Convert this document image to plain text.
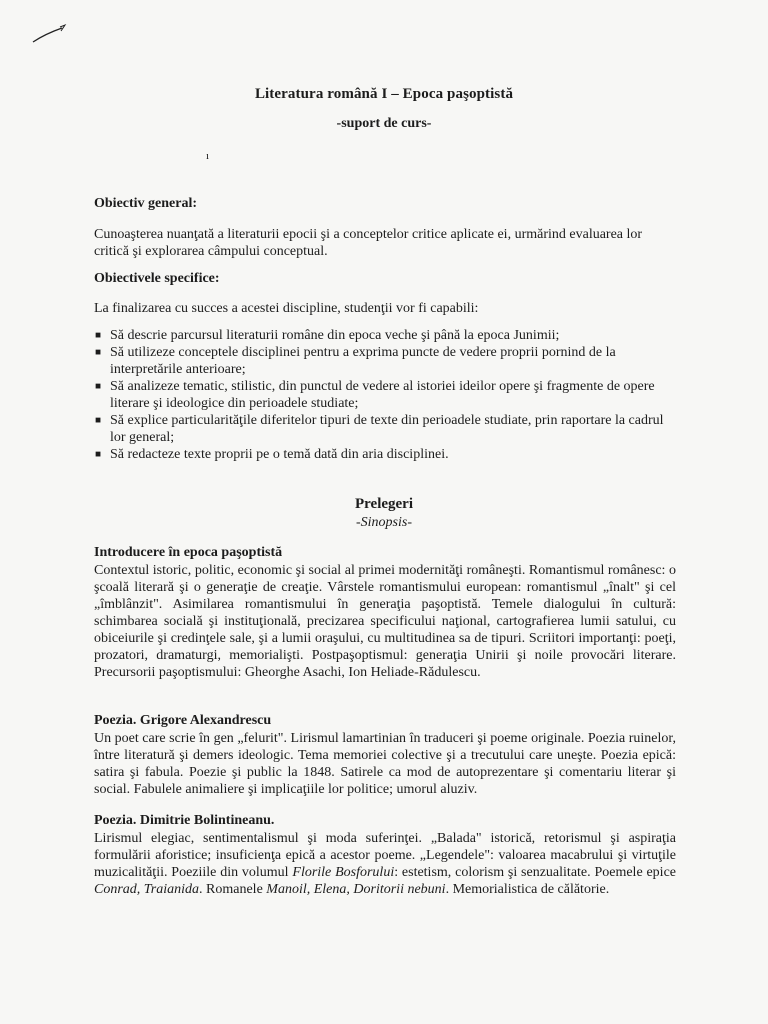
Literatura română I – Epoca paşoptistă
-suport de curs-
ı
Obiectiv general:
Cunoaşterea nuanţată a literaturii epocii şi a conceptelor critice aplicate ei, urmărind evaluarea lor critică şi explorarea câmpului conceptual.
Obiectivele specifice:
La finalizarea cu succes a acestei discipline, studenţii vor fi capabili:
■ Să descrie parcursul literaturii române din epoca veche şi până la epoca Junimii;
■ Să utilizeze conceptele disciplinei pentru a exprima puncte de vedere proprii pornind de la interpretările anterioare;
■ Să analizeze tematic, stilistic, din punctul de vedere al istoriei ideilor opere şi fragmente de opere literare şi ideologice din perioadele studiate;
■ Să explice particularităţile diferitelor tipuri de texte din perioadele studiate, prin raportare la cadrul lor general;
■ Să redacteze texte proprii pe o temă dată din aria disciplinei.
Prelegeri
-Sinopsis-
Introducere în epoca paşoptistă
Contextul istoric, politic, economic şi social al primei modernităţi româneşti. Romantismul românesc: o şcoală literară şi o generaţie de creaţie. Vârstele romantismului european: romantismul „înalt" şi cel „îmblânzit". Asimilarea romantismului în generaţia paşoptistă. Temele dialogului în cultură: schimbarea socială şi instituţională, precizarea specificului naţional, cartografierea lumii satului, cu obiceiurile şi credinţele sale, şi a lumii oraşului, cu multitudinea sa de tipuri. Scriitori importanţi: poeţi, prozatori, dramaturgi, memorialişti. Postpaşoptismul: generaţia Unirii şi noile provocări literare. Precursorii paşoptismului: Gheorghe Asachi, Ion Heliade-Rădulescu.
Poezia. Grigore Alexandrescu
Un poet care scrie în gen „felurit". Lirismul lamartinian în traduceri şi poeme originale. Poezia ruinelor, între literatură şi demers ideologic. Tema memoriei colective şi a trecutului care uneşte. Poezia epică: satira şi fabula. Poezie şi public la 1848. Satirele ca mod de autoprezentare şi comentariu literar şi social. Fabulele animaliere şi implicaţiile lor politice; umorul aluziv.
Poezia. Dimitrie Bolintineanu.
Lirismul elegiac, sentimentalismul şi moda suferinţei. „Balada" istorică, retorismul şi aspiraţia formulării aforistice; insuficienţa epică a acestor poeme. „Legendele": valoarea macabrului şi virtuţile muzicalităţii. Poeziile din volumul Florile Bosforului: estetism, colorism şi senzualitate. Poemele epice Conrad, Traianida. Romanele Manoil, Elena, Doritorii nebuni. Memorialistica de călătorie.
